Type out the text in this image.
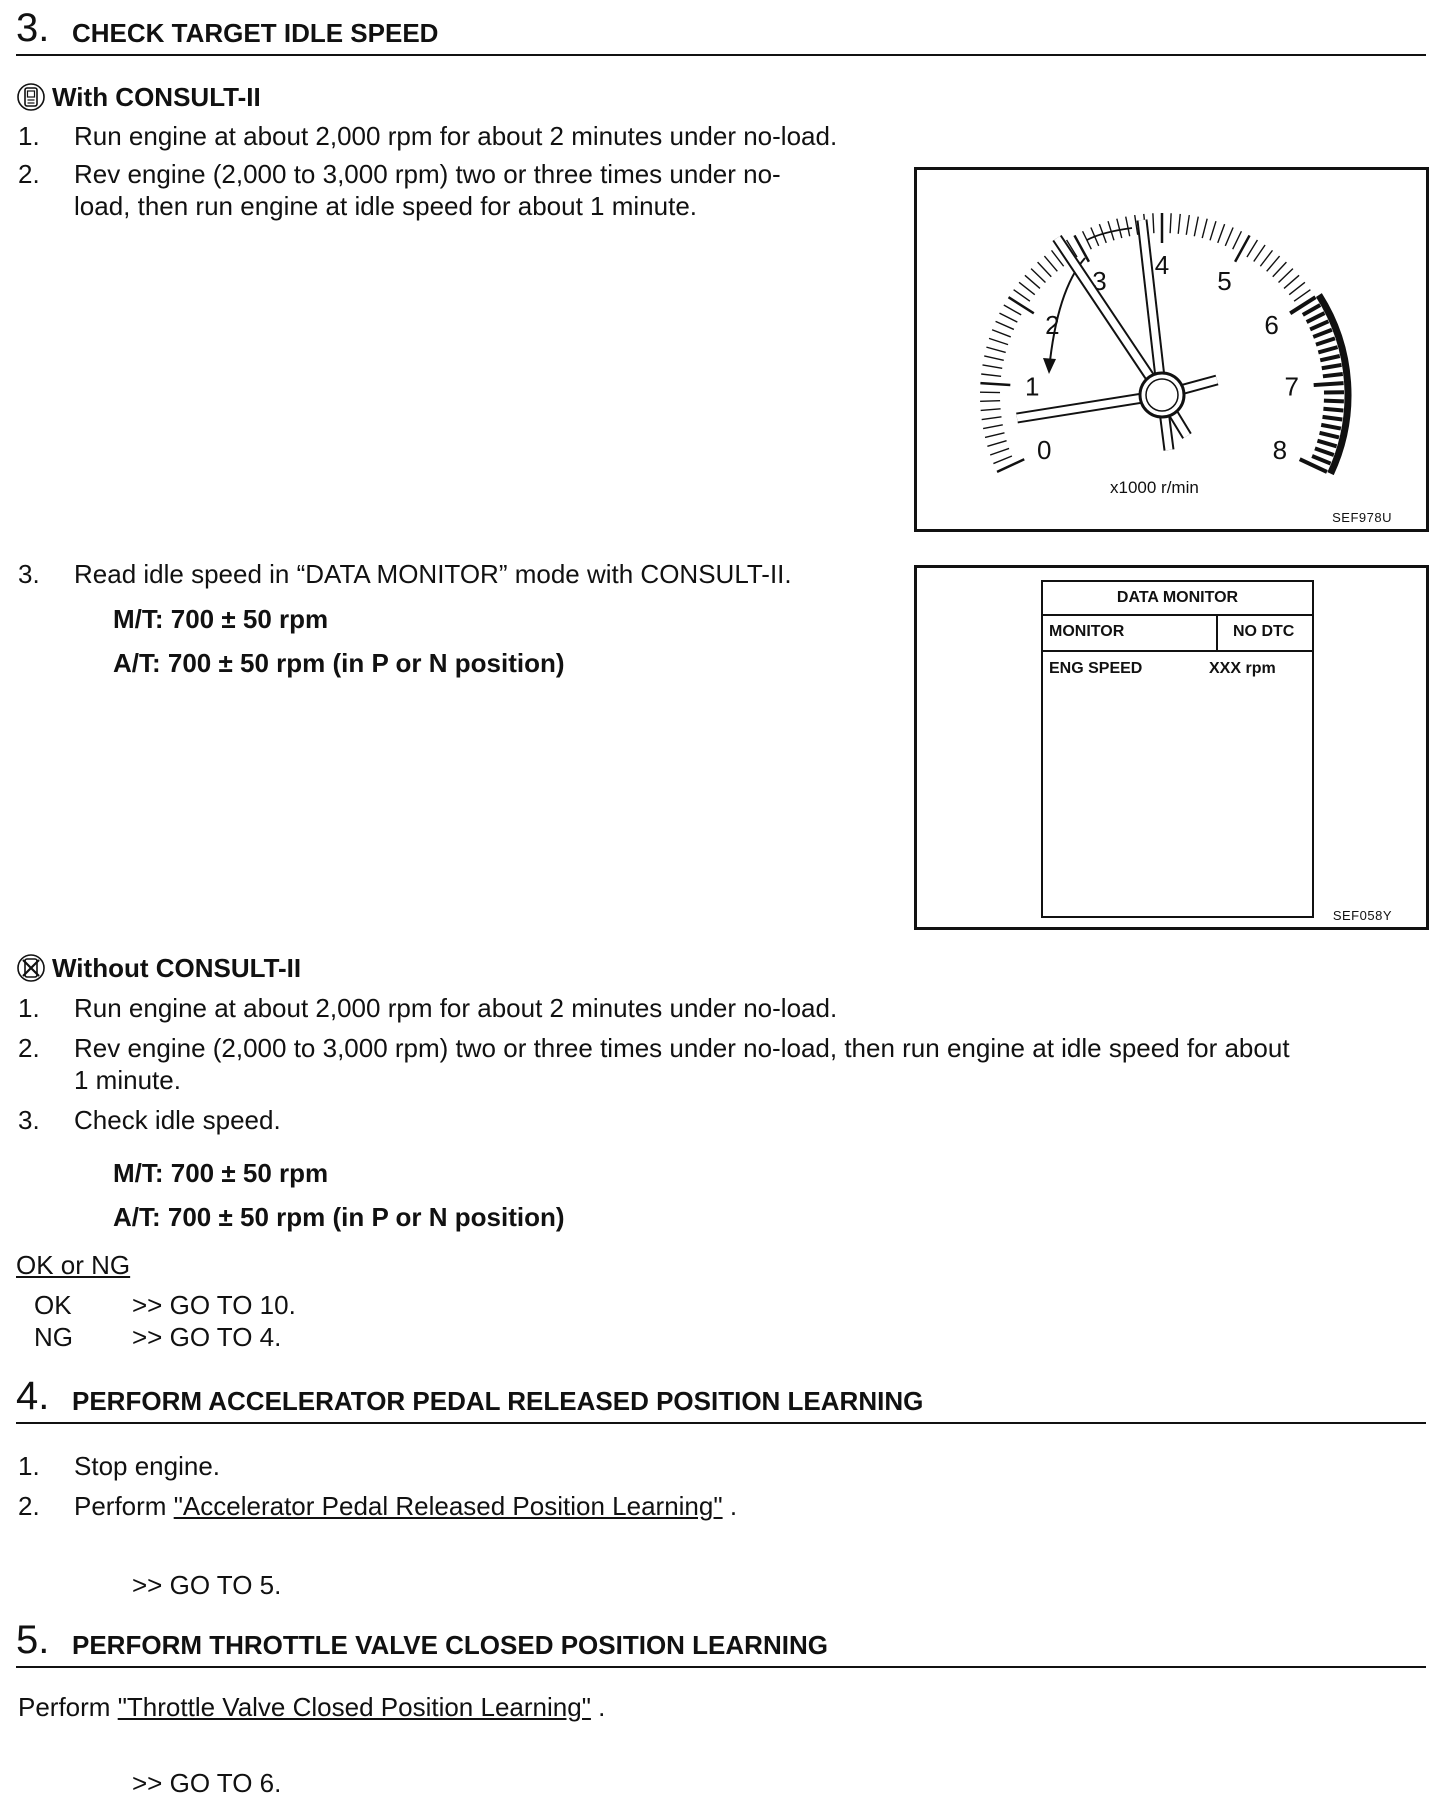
3. CHECK TARGET IDLE SPEED
With CONSULT-II
1.	Run engine at about 2,000 rpm for about 2 minutes under no-load.
2.	Rev engine (2,000 to 3,000 rpm) two or three times under no-
load, then run engine at idle speed for about 1 minute.
0
1
2
3
4
5
6
7
8
x1000 r/min
SEF978U
3.	Read idle speed in “DATA MONITOR” mode with CONSULT-II.
M/T: 700 ± 50 rpm
A/T: 700 ± 50 rpm (in P or N position)
DATA MONITOR
MONITOR	NO DTC
ENG SPEED	XXX rpm
SEF058Y
Without CONSULT-II
1.	Run engine at about 2,000 rpm for about 2 minutes under no-load.
2.	Rev engine (2,000 to 3,000 rpm) two or three times under no-load, then run engine at idle speed for about
1 minute.
3.	Check idle speed.
M/T: 700 ± 50 rpm
A/T: 700 ± 50 rpm (in P or N position)
OK or NG
OK >> GO TO 10.
NG >> GO TO 4.
4. PERFORM ACCELERATOR PEDAL RELEASED POSITION LEARNING
1.	Stop engine.
2.	Perform "Accelerator Pedal Released Position Learning" .
>> GO TO 5.
5. PERFORM THROTTLE VALVE CLOSED POSITION LEARNING
Perform "Throttle Valve Closed Position Learning" .
>> GO TO 6.
